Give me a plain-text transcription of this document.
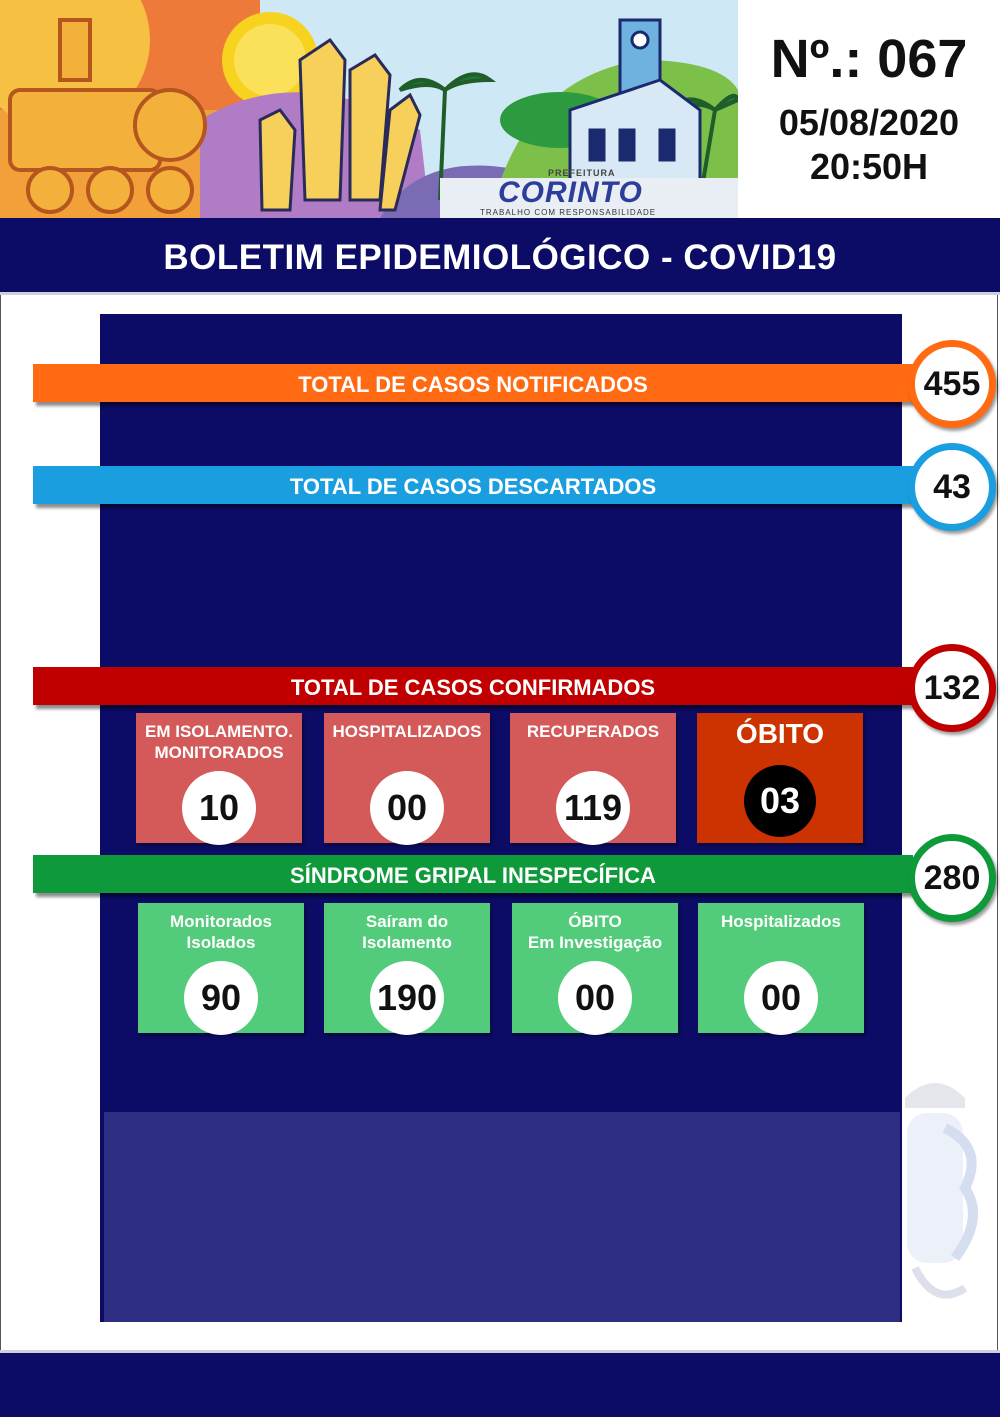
PREFEITURA
CORINTO
TRABALHO COM RESPONSABILIDADE
Nº.: 067
05/08/2020
20:50H
BOLETIM EPIDEMIOLÓGICO - COVID19
TOTAL DE CASOS NOTIFICADOS	455
TOTAL DE CASOS DESCARTADOS	43
TOTAL DE CASOS CONFIRMADOS	132
EM ISOLAMENTO.
MONITORADOS
10
HOSPITALIZADOS
00
RECUPERADOS
119
ÓBITO
03
SÍNDROME GRIPAL INESPECÍFICA	280
Monitorados
Isolados
90
Saíram do
Isolamento
190
ÓBITO
Em Investigação
00
Hospitalizados
00
